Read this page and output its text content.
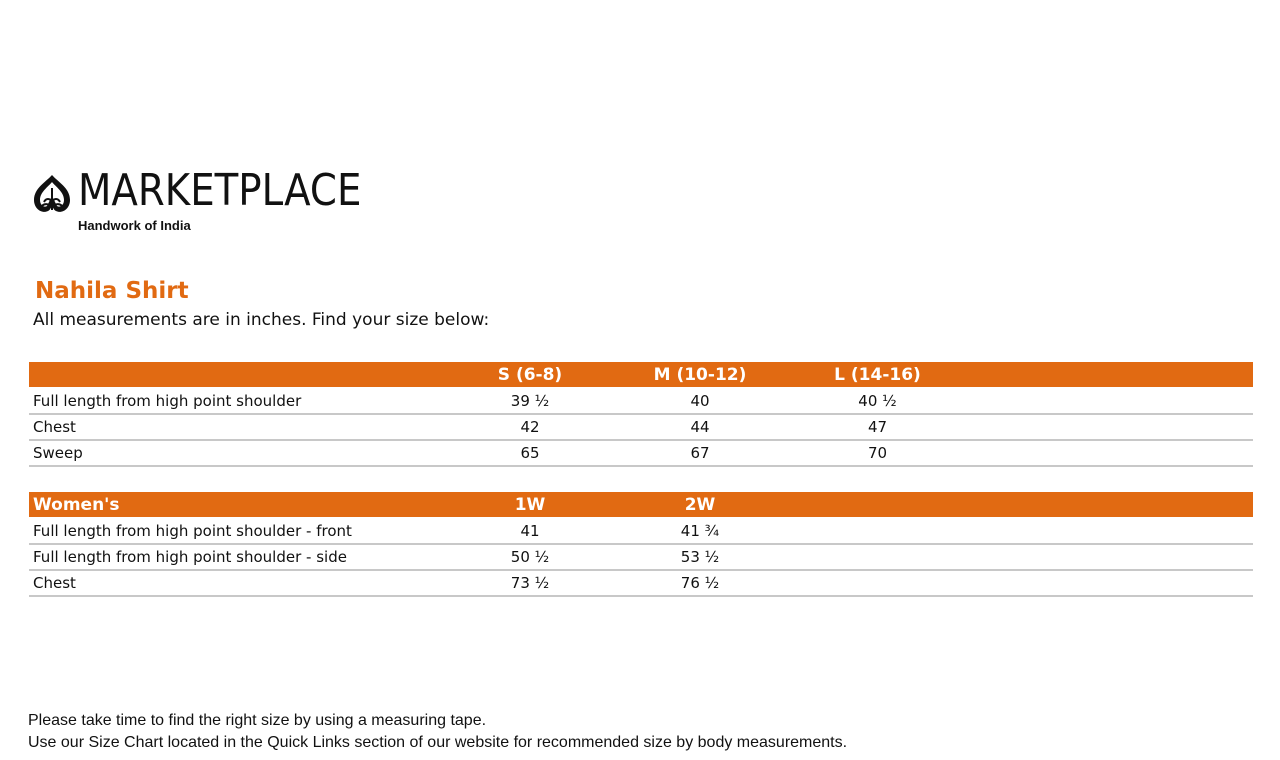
MARKETPLACE
Handwork of India
Nahila Shirt
All measurements are in inches. Find your size below:
	S (6-8)	M (10-12)	L (14-16)	
Full length from high point shoulder	39 ½	40	40 ½	
Chest	42	44	47	
Sweep	65	67	70	
Women's	1W	2W		
Full length from high point shoulder - front	41	41 ¾		
Full length from high point shoulder - side	50 ½	53 ½		
Chest	73 ½	76 ½		
Please take time to find the right size by using a measuring tape.
Use our Size Chart located in the Quick Links section of our website for recommended size by body measurements.
